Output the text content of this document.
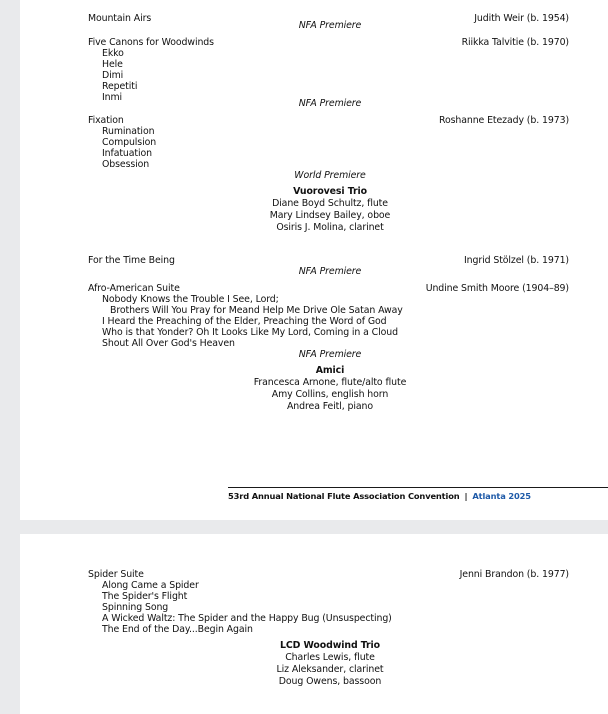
Mountain Airs	Judith Weir (b. 1954)
NFA Premiere
Five Canons for Woodwinds	Riikka Talvitie (b. 1970)
Ekko
Hele
Dimi
Repetiti
Inmi
NFA Premiere
Fixation	Roshanne Etezady (b. 1973)
Rumination
Compulsion
Infatuation
Obsession
World Premiere
Vuorovesi Trio
Diane Boyd Schultz, flute
Mary Lindsey Bailey, oboe
Osiris J. Molina, clarinet
For the Time Being	Ingrid Stölzel (b. 1971)
NFA Premiere
Afro-American Suite	Undine Smith Moore (1904–89)
Nobody Knows the Trouble I See, Lord;
Brothers Will You Pray for Meand Help Me Drive Ole Satan Away
I Heard the Preaching of the Elder, Preaching the Word of God
Who is that Yonder? Oh It Looks Like My Lord, Coming in a Cloud
Shout All Over God's Heaven
NFA Premiere
Amici
Francesca Arnone, flute/alto flute
Amy Collins, english horn
Andrea Feitl, piano
53rd Annual National Flute Association Convention | Atlanta 2025
Spider Suite	Jenni Brandon (b. 1977)
Along Came a Spider
The Spider's Flight
Spinning Song
A Wicked Waltz: The Spider and the Happy Bug (Unsuspecting)
The End of the Day...Begin Again
LCD Woodwind Trio
Charles Lewis, flute
Liz Aleksander, clarinet
Doug Owens, bassoon
